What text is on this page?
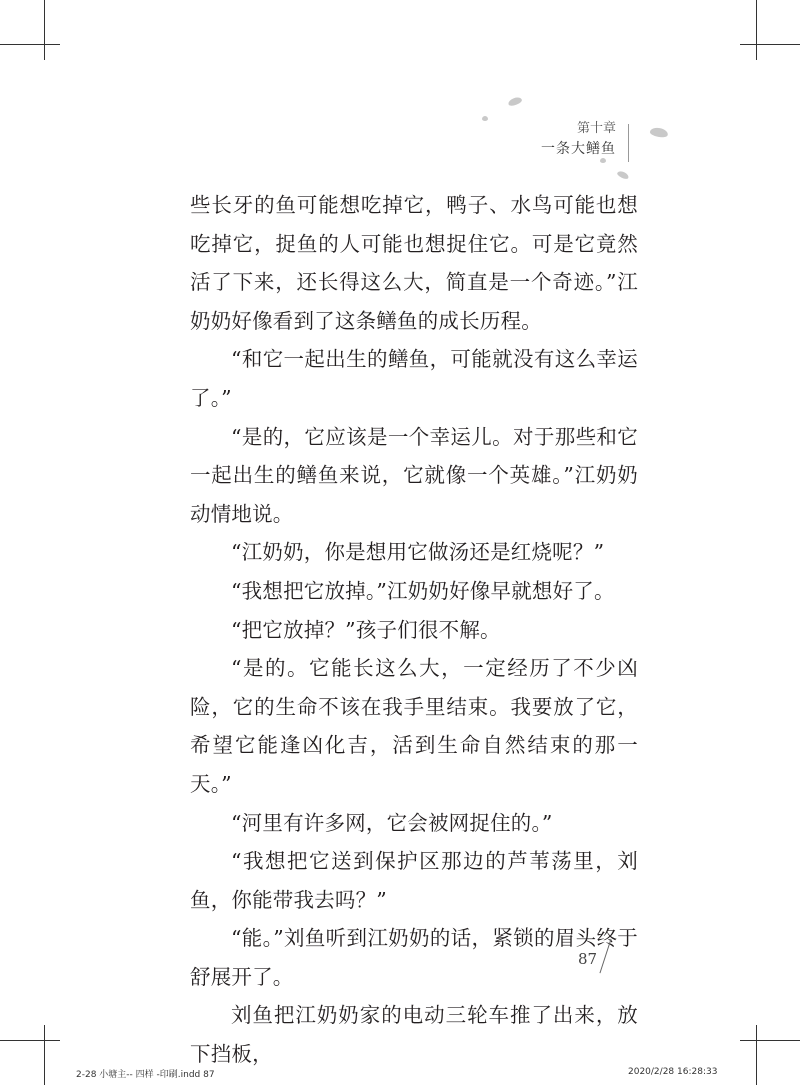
第十章
一条大鳝鱼

些长牙的鱼可能想吃掉它，鸭子、水鸟可能也想吃掉它，捉鱼的人可能也想捉住它。可是它竟然活了下来，还长得这么大，简直是一个奇迹。”江奶奶好像看到了这条鳝鱼的成长历程。

“和它一起出生的鳝鱼，可能就没有这么幸运了。”

“是的，它应该是一个幸运儿。对于那些和它一起出生的鳝鱼来说，它就像一个英雄。”江奶奶动情地说。

“江奶奶，你是想用它做汤还是红烧呢？”

“我想把它放掉。”江奶奶好像早就想好了。

“把它放掉？”孩子们很不解。

“是的。它能长这么大，一定经历了不少凶险，它的生命不该在我手里结束。我要放了它，希望它能逢凶化吉，活到生命自然结束的那一天。”

“河里有许多网，它会被网捉住的。”

“我想把它送到保护区那边的芦苇荡里，刘鱼，你能带我去吗？”

“能。”刘鱼听到江奶奶的话，紧锁的眉头终于舒展开了。

刘鱼把江奶奶家的电动三轮车推了出来，放下挡板，

87
2-28 小塘主-- 四样 -印刷.indd 87	2020/2/28 16:28:33
